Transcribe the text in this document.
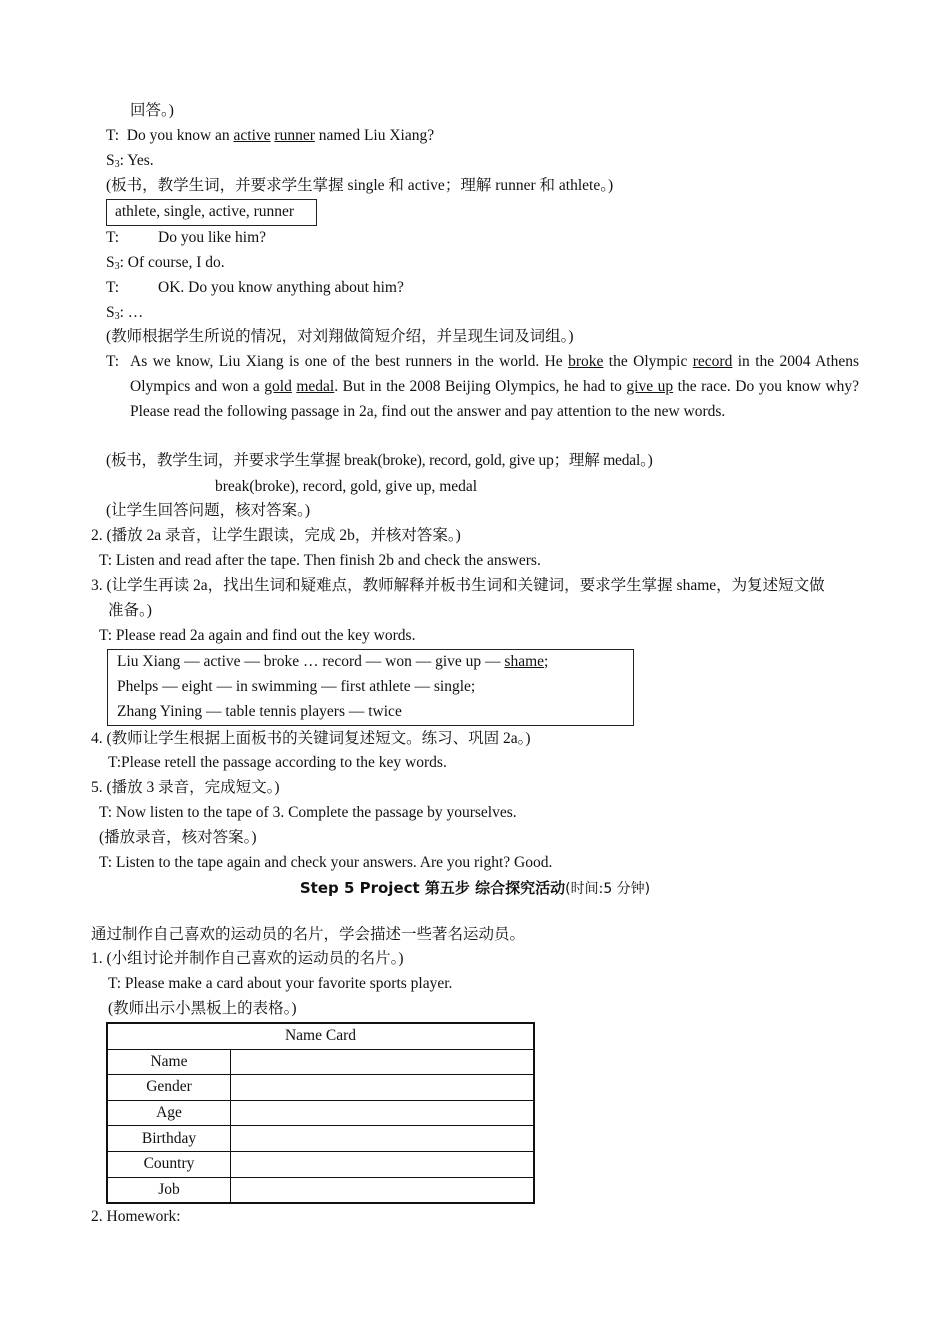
回答。)
T:  Do you know an active runner named Liu Xiang?
$S_3$: Yes.
(板书，教学生词，并要求学生掌握 single 和 active；理解 runner 和 athlete。)
athlete, single, active, runner
T:	Do you like him?
$S_3$: Of course, I do.
T:	OK. Do you know anything about him?
$S_3$: …
(教师根据学生所说的情况，对刘翔做简短介绍，并呈现生词及词组。)
T: As we know, Liu Xiang is one of the best runners in the world. He broke the Olympic record in the 2004 Athens Olympics and won a gold medal. But in the 2008 Beijing Olympics, he had to give up the race. Do you know why? Please read the following passage in 2a, find out the answer and pay attention to the new words.
(板书，教学生词，并要求学生掌握 break(broke), record, gold, give up；理解 medal。)
break(broke), record, gold, give up, medal
(让学生回答问题，核对答案。)
2. (播放 2a 录音，让学生跟读，完成 2b，并核对答案。)
T: Listen and read after the tape. Then finish 2b and check the answers.
3. (让学生再读 2a，找出生词和疑难点，教师解释并板书生词和关键词，要求学生掌握 shame，为复述短文做
准备。)
T: Please read 2a again and find out the key words.
Liu Xiang — active — broke … record — won — give up — shame;
Phelps — eight — in swimming — first athlete — single;
Zhang Yining — table tennis players — twice
4. (教师让学生根据上面板书的关键词复述短文。练习、巩固 2a。)
T:Please retell the passage according to the key words.
5. (播放 3 录音，完成短文。)
T: Now listen to the tape of 3. Complete the passage by yourselves.
(播放录音，核对答案。)
T: Listen to the tape again and check your answers. Are you right? Good.
Step 5 Project 第五步 综合探究活动(时间:5 分钟)
通过制作自己喜欢的运动员的名片，学会描述一些著名运动员。
1. (小组讨论并制作自己喜欢的运动员的名片。)
T: Please make a card about your favorite sports player.
(教师出示小黑板上的表格。)
Name Card	
Name	
Gender	
Age	
Birthday	
Country	
Job	
2. Homework:
